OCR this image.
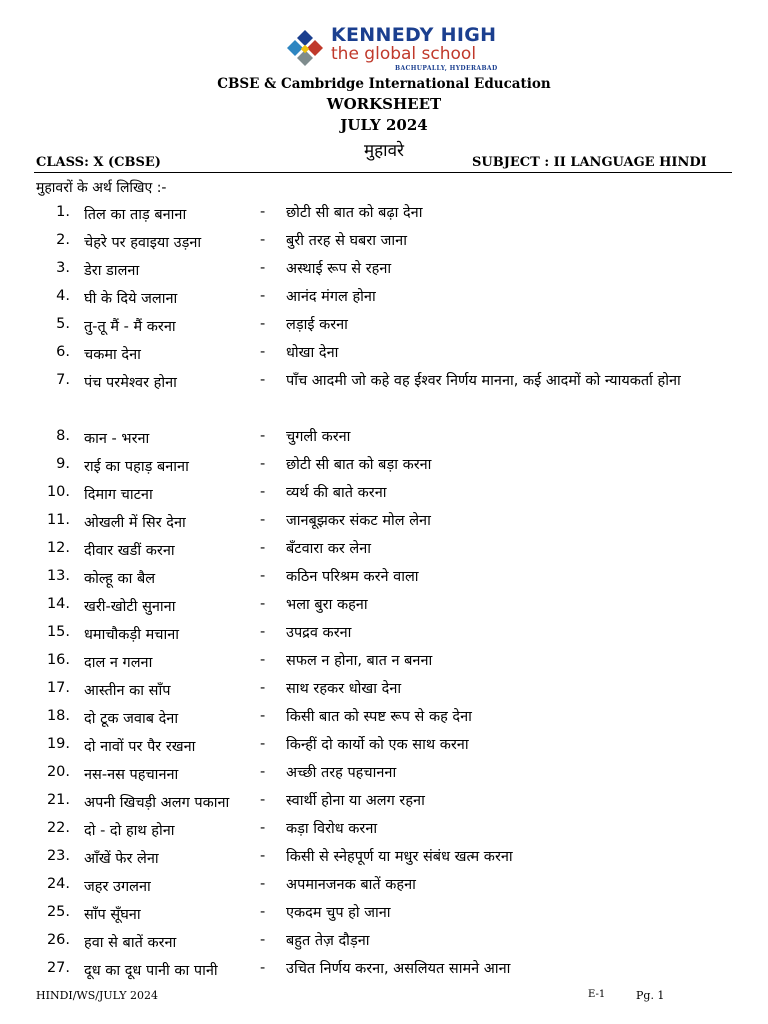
KENNEDY HIGH
the global school
BACHUPALLY, HYDERABAD
CBSE & Cambridge International Education
WORKSHEET
JULY 2024
मुहावरे
CLASS: X (CBSE)	SUBJECT : II LANGUAGE HINDI
मुहावरों के अर्थ लिखिए :-
1. तिल का ताड़ बनाना	- छोटी सी बात को बढ़ा देना
2. चेहरे पर हवाइया उड़ना	- बुरी तरह से घबरा जाना
3. डेरा डालना	- अस्थाई रूप से रहना
4. घी के दिये जलाना	- आनंद मंगल होना
5. तु-तू मैं - मैं करना	- लड़ाई करना
6. चकमा देना	- धोखा देना
7. पंच परमेश्वर होना	- पाँच आदमी जो कहे वह ईश्वर निर्णय मानना, कई आदमों को न्यायकर्ता होना
8. कान - भरना	- चुगली करना
9. राई का पहाड़ बनाना	- छोटी सी बात को बड़ा करना
10. दिमाग चाटना	- व्यर्थ की बाते करना
11. ओखली में सिर देना	- जानबूझकर संकट मोल लेना
12. दीवार खडीं करना	- बँटवारा कर लेना
13. कोल्हू का बैल	- कठिन परिश्रम करने वाला
14. खरी-खोटी सुनाना	- भला बुरा कहना
15. धमाचौकड़ी मचाना	- उपद्रव करना
16. दाल न गलना	- सफल न होना, बात न बनना
17. आस्तीन का साँप	- साथ रहकर धोखा देना
18. दो टूक जवाब देना	- किसी बात को स्पष्ट रूप से कह देना
19. दो नावों पर पैर रखना	- किन्हीं दो कार्यो को एक साथ करना
20. नस-नस पहचानना	- अच्छी तरह पहचानना
21. अपनी खिचड़ी अलग पकाना - स्वार्थी होना या अलग रहना
22. दो - दो हाथ होना	- कड़ा विरोध करना
23. आँखें फेर लेना	- किसी से स्नेहपूर्ण या मधुर संबंध खत्म करना
24. जहर उगलना	- अपमानजनक बातें कहना
25. साँप सूँघना	- एकदम चुप हो जाना
26. हवा से बातें करना	- बहुत तेज़ दौड़ना
27. दूध का दूध पानी का पानी	- उचित निर्णय करना, असलियत सामने आना
HINDI/WS/JULY 2024	E-1	Pg. 1
